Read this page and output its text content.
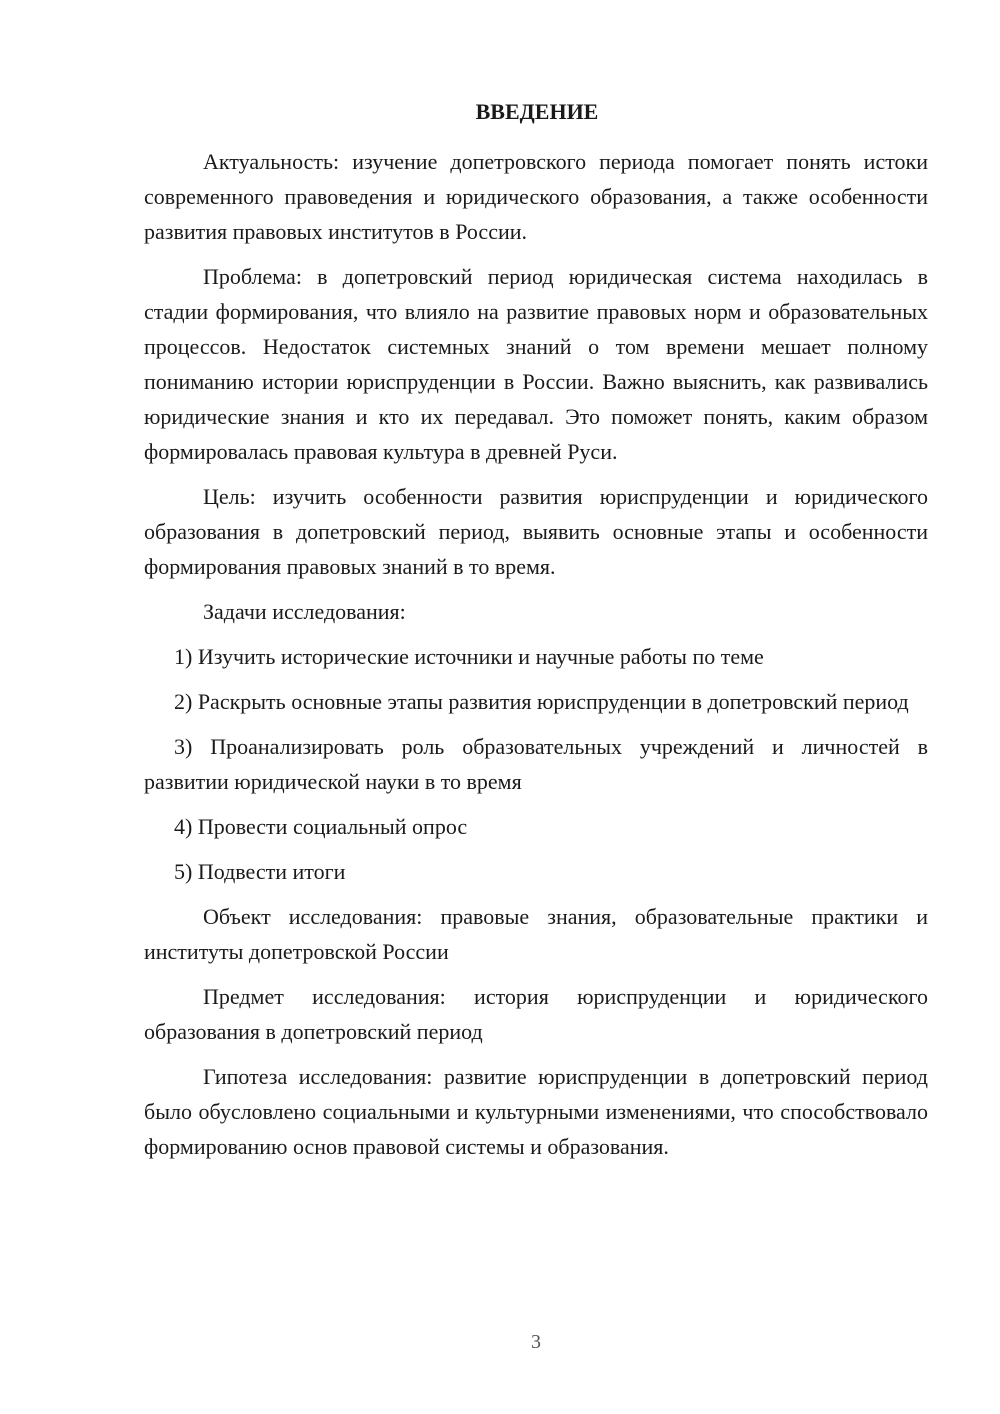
ВВЕДЕНИЕ

Актуальность: изучение допетровского периода помогает понять истоки современного правоведения и юридического образования, а также особенности развития правовых институтов в России.

Проблема: в допетровский период юридическая система находилась в стадии формирования, что влияло на развитие правовых норм и образовательных процессов. Недостаток системных знаний о том времени мешает полному пониманию истории юриспруденции в России. Важно выяснить, как развивались юридические знания и кто их передавал. Это поможет понять, каким образом формировалась правовая культура в древней Руси.

Цель: изучить особенности развития юриспруденции и юридического образования в допетровский период, выявить основные этапы и особенности формирования правовых знаний в то время.

Задачи исследования:

1) Изучить исторические источники и научные работы по теме

2) Раскрыть основные этапы развития юриспруденции в допетровский период

3) Проанализировать роль образовательных учреждений и личностей в развитии юридической науки в то время

4) Провести социальный опрос

5) Подвести итоги

Объект исследования: правовые знания, образовательные практики и институты допетровской России

Предмет исследования: история юриспруденции и юридического образования в допетровский период

Гипотеза исследования: развитие юриспруденции в допетровский период было обусловлено социальными и культурными изменениями, что способствовало формированию основ правовой системы и образования.

3
